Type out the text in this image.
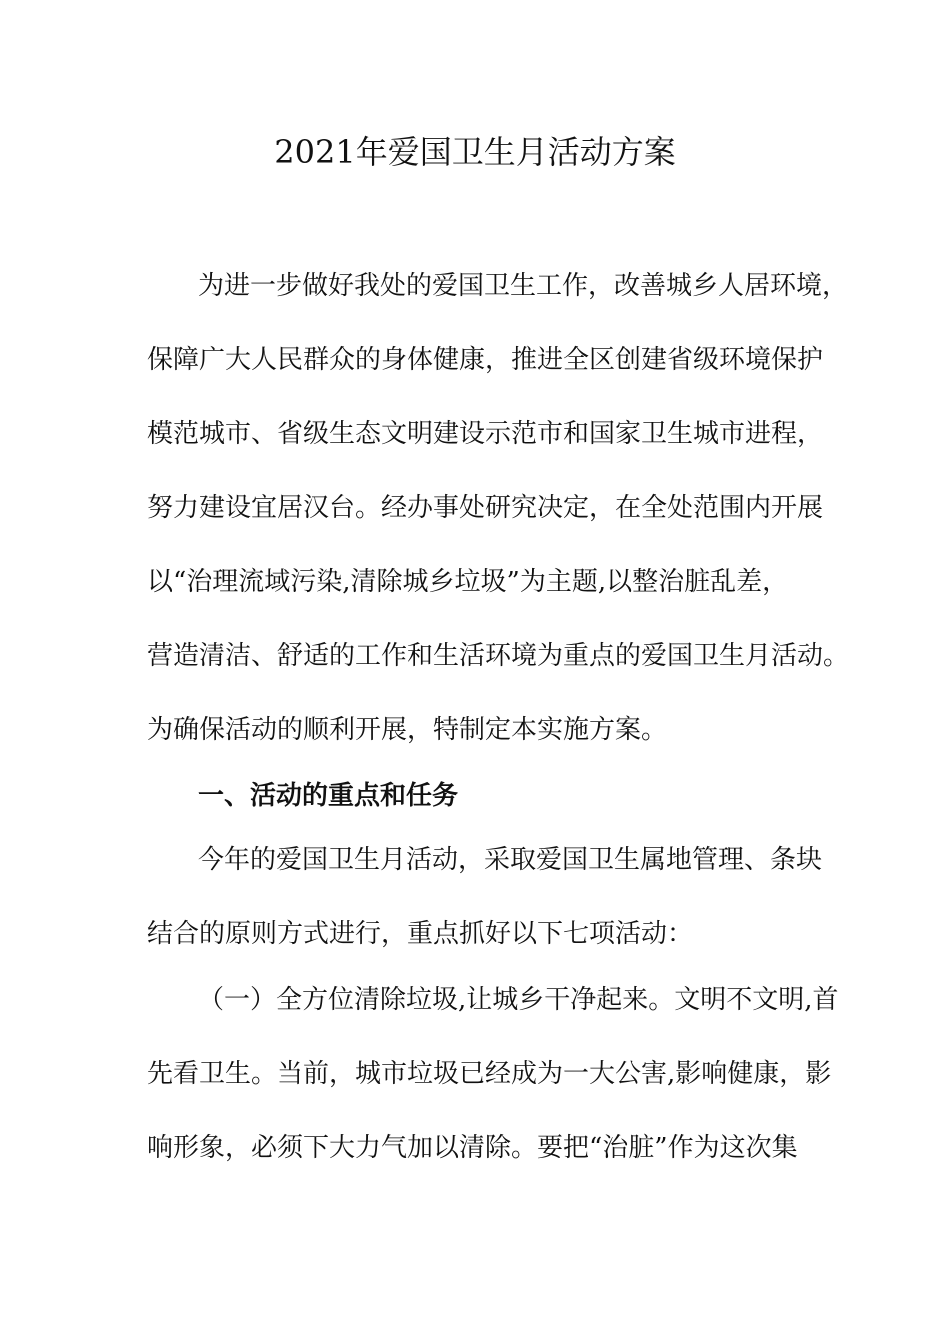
2021年爱国卫生月活动方案
为进一步做好我处的爱国卫生工作，改善城乡人居环境，
保障广大人民群众的身体健康，推进全区创建省级环境保护
模范城市、省级生态文明建设示范市和国家卫生城市进程，
努力建设宜居汉台。经办事处研究决定，在全处范围内开展
以“治理流域污染,清除城乡垃圾”为主题,以整治脏乱差，
营造清洁、舒适的工作和生活环境为重点的爱国卫生月活动。
为确保活动的顺利开展，特制定本实施方案。
一、活动的重点和任务
今年的爱国卫生月活动，采取爱国卫生属地管理、条块
结合的原则方式进行，重点抓好以下七项活动：
（一）全方位清除垃圾,让城乡干净起来。文明不文明,首
先看卫生。当前，城市垃圾已经成为一大公害,影响健康，影
响形象，必须下大力气加以清除。要把“治脏”作为这次集
